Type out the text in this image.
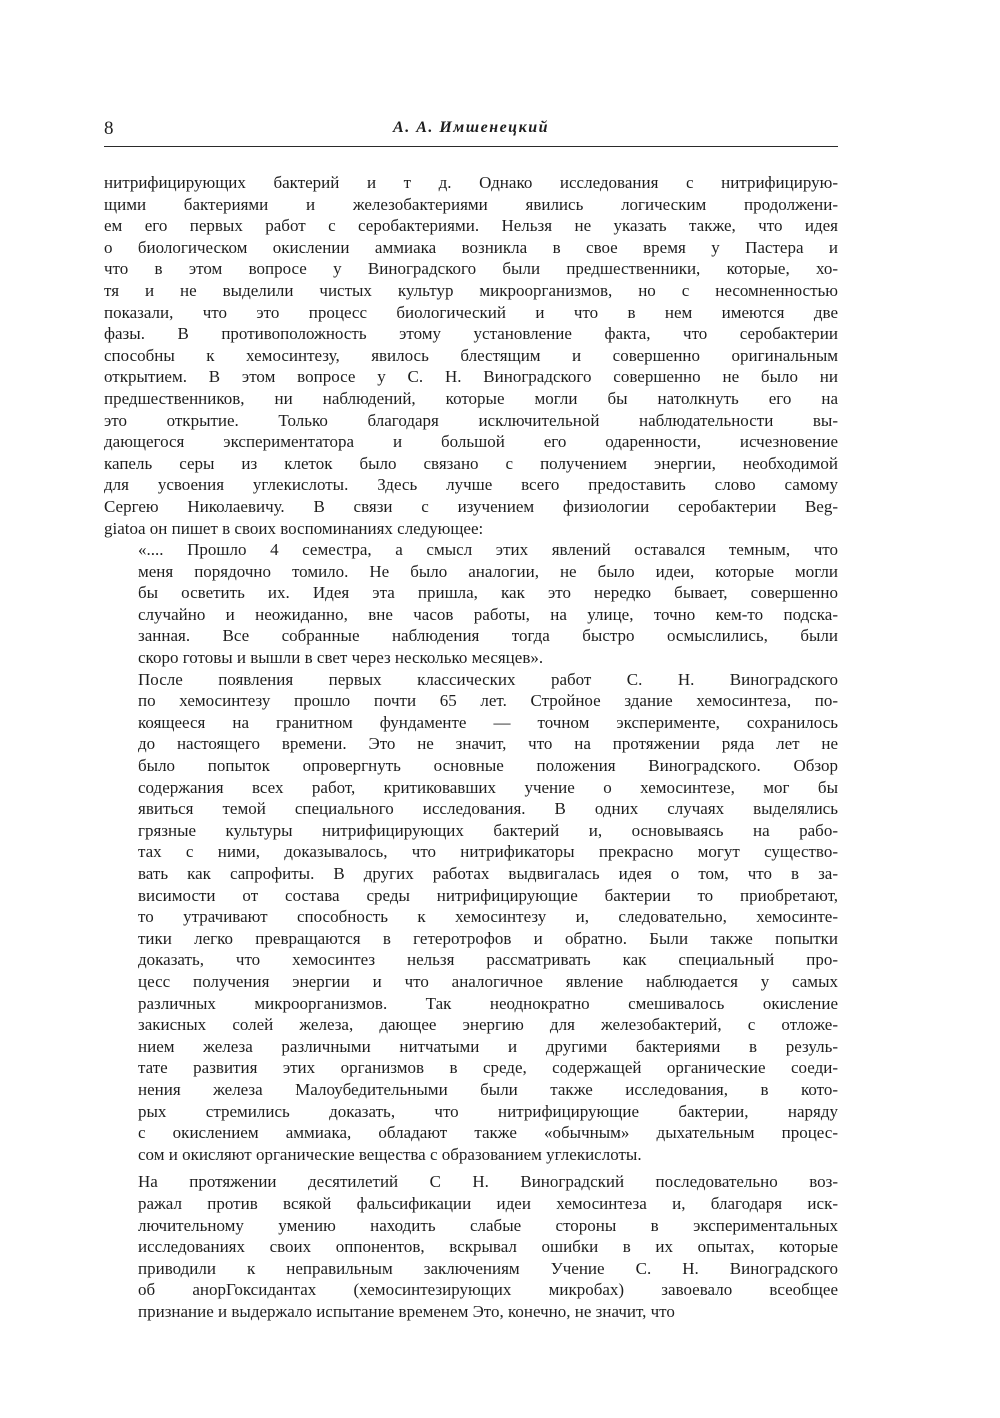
8	А. А. Имшенецкий

нитрифицирующих бактерий и т д. Однако исследования с нитрифицирую-
щими бактериями и железобактериями явились логическим продолжени-
ем его первых работ с серобактериями. Нельзя не указать также, что идея
о биологическом окислении аммиака возникла в свое время у Пастера и
что в этом вопросе у Виноградского были предшественники, которые, хо-
тя и не выделили чистых культур микроорганизмов, но с несомненностью
показали, что это процесс биологический и что в нем имеются две
фазы. В противоположность этому установление факта, что серобактерии
способны к хемосинтезу, явилось блестящим и совершенно оригинальным
открытием. В этом вопросе у С. Н. Виноградского совершенно не было ни
предшественников, ни наблюдений, которые могли бы натолкнуть его на
это открытие. Только благодаря исключительной наблюдательности вы-
дающегося экспериментатора и большой его одаренности, исчезновение
капель серы из клеток было связано с получением энергии, необходимой
для усвоения углекислоты. Здесь лучше всего предоставить слово самому
Сергею Николаевичу. В связи с изучением физиологии серобактерии Beg-
giatoa он пишет в своих воспоминаниях следующее:

«.... Прошло 4 семестра, а смысл этих явлений оставался темным, что
меня порядочно томило. Не было аналогии, не было идеи, которые могли
бы осветить их. Идея эта пришла, как это нередко бывает, совершенно
случайно и неожиданно, вне часов работы, на улице, точно кем-то подска-
занная. Все собранные наблюдения тогда быстро осмыслились, были
скоро готовы и вышли в свет через несколько месяцев».

После появления первых классических работ С. Н. Виноградского
по хемосинтезу прошло почти 65 лет. Стройное здание хемосинтеза, по-
коящееся на гранитном фундаменте — точном эксперименте, сохранилось
до настоящего времени. Это не значит, что на протяжении ряда лет не
было попыток опровергнуть основные положения Виноградского. Обзор
содержания всех работ, критиковавших учение о хемосинтезе, мог бы
явиться темой специального исследования. В одних случаях выделялись
грязные культуры нитрифицирующих бактерий и, основываясь на рабо-
тах с ними, доказывалось, что нитрификаторы прекрасно могут существо-
вать как сапрофиты. В других работах выдвигалась идея о том, что в за-
висимости от состава среды нитрифицирующие бактерии то приобретают,
то утрачивают способность к хемосинтезу и, следовательно, хемосинте-
тики легко превращаются в гетеротрофов и обратно. Были также попытки
доказать, что хемосинтез нельзя рассматривать как специальный про-
цесс получения энергии и что аналогичное явление наблюдается у самых
различных микроорганизмов. Так неоднократно смешивалось окисление
закисных солей железа, дающее энергию для железобактерий, с отложе-
нием железа различными нитчатыми и другими бактериями в резуль-
тате развития этих организмов в среде, содержащей органические соеди-
нения железа Малоубедительными были также исследования, в кото-
рых стремились доказать, что нитрифицирующие бактерии, наряду
с окислением аммиака, обладают также «обычным» дыхательным процес-
сом и окисляют органические вещества с образованием углекислоты.

На протяжении десятилетий С Н. Виноградский последовательно воз-
ражал против всякой фальсификации идеи хемосинтеза и, благодаря иск-
лючительному умению находить слабые стороны в экспериментальных
исследованиях своих оппонентов, вскрывал ошибки в их опытах, которые
приводили к неправильным заключениям Учение С. Н. Виноградского
об анорГоксидантах (хемосинтезирующих микробах) завоевало всеобщее
признание и выдержало испытание временем Это, конечно, не значит, что
